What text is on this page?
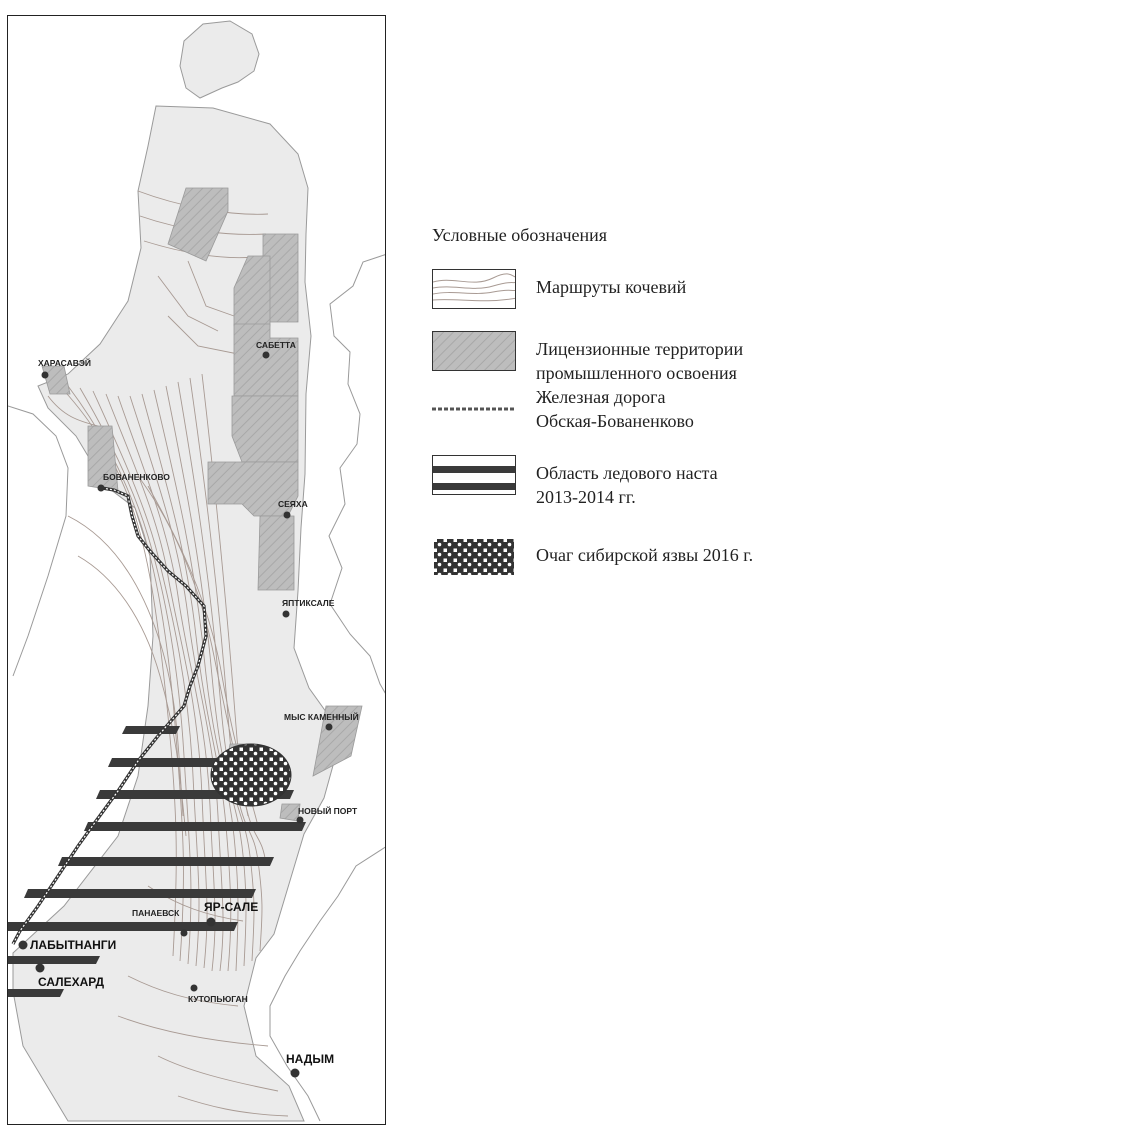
ХАРАСАВЭЙ
САБЕТТА
БОВАНЕНКОВО
СЕЯХА
ЯПТИКСАЛЕ
МЫС КАМЕННЫЙ
НОВЫЙ ПОРТ
ПАНАЕВСК ЯР-САЛЕ
ЛАБЫТНАНГИ
САЛЕХАРД
КУТОПЬЮГАН
НАДЫМ
Условные обозначения
Маршруты кочевий
Лицензионные территории
промышленного освоения
Железная дорога
Обская-Бованенково
Область ледового наста
2013-2014 гг.
Очаг сибирской язвы 2016 г.
